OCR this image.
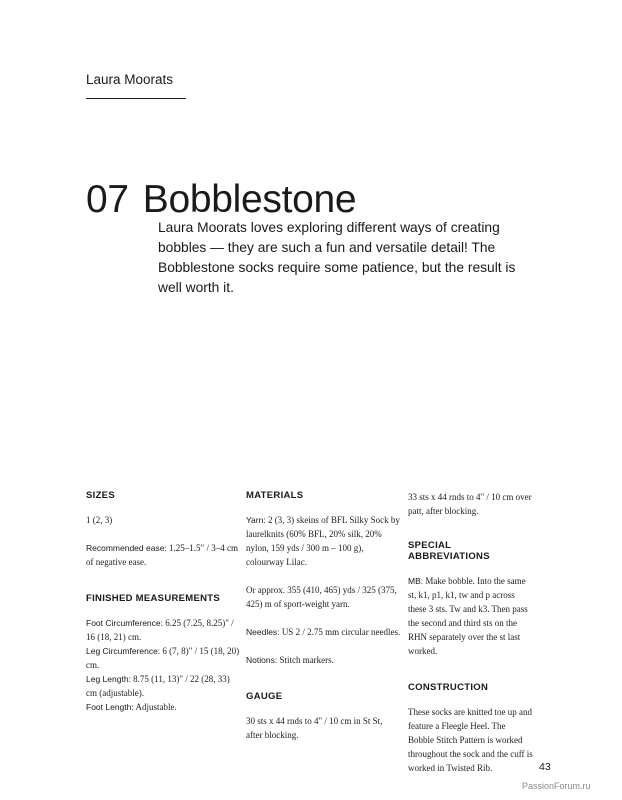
Laura Moorats
07 Bobblestone

Laura Moorats loves exploring different ways of creating bobbles — they are such a fun and versatile detail! The Bobblestone socks require some patience, but the result is well worth it.

SIZES

1 (2, 3)

Recommended ease: 1.25–1.5" / 3–4 cm of negative ease.

FINISHED MEASUREMENTS

Foot Circumference: 6.25 (7.25, 8.25)" / 16 (18, 21) cm.

Leg Circumference: 6 (7, 8)" / 15 (18, 20) cm.

Leg Length: 8.75 (11, 13)" / 22 (28, 33) cm (adjustable).

Foot Length: Adjustable.

MATERIALS

Yarn: 2 (3, 3) skeins of BFL Silky Sock by laurelknits (60% BFL, 20% silk, 20% nylon, 159 yds / 300 m – 100 g), colourway Lilac.

Or approx. 355 (410, 465) yds / 325 (375, 425) m of sport-weight yarn.

Needles: US 2 / 2.75 mm circular needles.

Notions: Stitch markers.

GAUGE

30 sts x 44 rnds to 4" / 10 cm in St St, after blocking.

33 sts x 44 rnds to 4" / 10 cm over patt, after blocking.

SPECIAL ABBREVIATIONS

MB: Make bobble. Into the same st, k1, p1, k1, tw and p across these 3 sts. Tw and k3. Then pass the second and third sts on the RHN separately over the st last worked.

CONSTRUCTION

These socks are knitted toe up and feature a Fleegle Heel. The Bobble Stitch Pattern is worked throughout the sock and the cuff is worked in Twisted Rib.	43
PassionForum.ru
